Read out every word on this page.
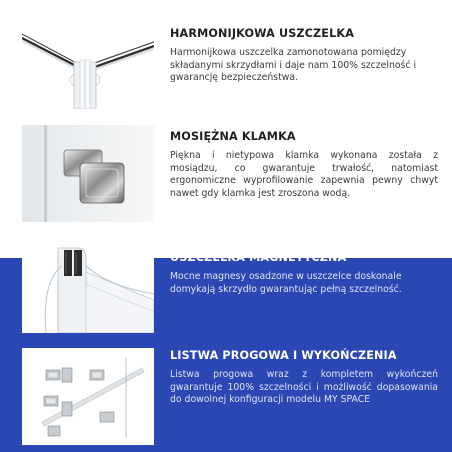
HARMONIJKOWA USZCZELKA

Harmonijkowa uszczelka zamonotowana pomiędzy składanymi skrzydłami i daje nam 100% szczelność i gwarancję bezpieczeństwa.

MOSIĘŻNA KLAMKA

Piękna i nietypowa klamka wykonana została z mosiądzu, co gwarantuje trwałość, natomiast ergonomiczne wyprofilowanie zapewnia pewny chwyt nawet gdy klamka jest zroszona wodą.

USZCZELKA MAGNETYCZNA

Mocne magnesy osadzone w uszczelce doskonale domykają skrzydło gwarantując pełną szczelność.

LISTWA PROGOWA I WYKOŃCZENIA

Listwa progowa wraz z kompletem wykończeń gwarantuje 100% szczelności i możliwość dopasowania do dowolnej konfiguracji modelu MY SPACE
